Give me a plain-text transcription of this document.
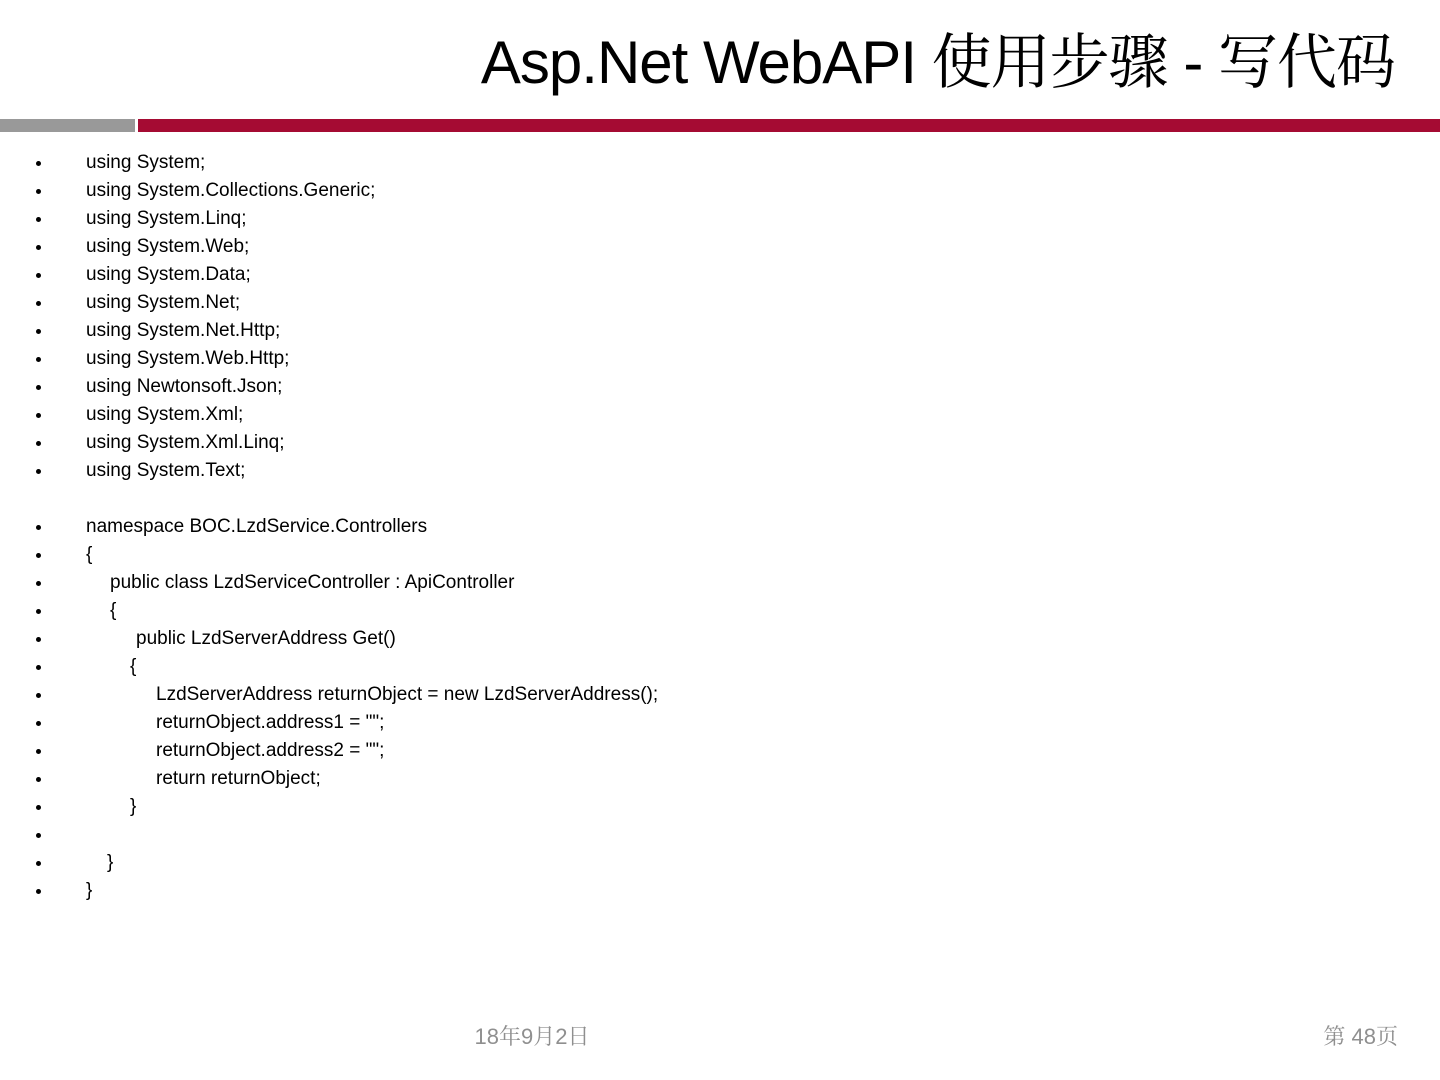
Asp.Net WebAPI 使用步骤 - 写代码
using System;
using System.Collections.Generic;
using System.Linq;
using System.Web;
using System.Data;
using System.Net;
using System.Net.Http;
using System.Web.Http;
using Newtonsoft.Json;
using System.Xml;
using System.Xml.Linq;
using System.Text;
namespace BOC.LzdService.Controllers
{
public class LzdServiceController : ApiController
{
public LzdServerAddress Get()
{
LzdServerAddress returnObject = new LzdServerAddress();
returnObject.address1 = "";
returnObject.address2 = "";
return returnObject;
}
}
}
18年9月2日	第 48页
